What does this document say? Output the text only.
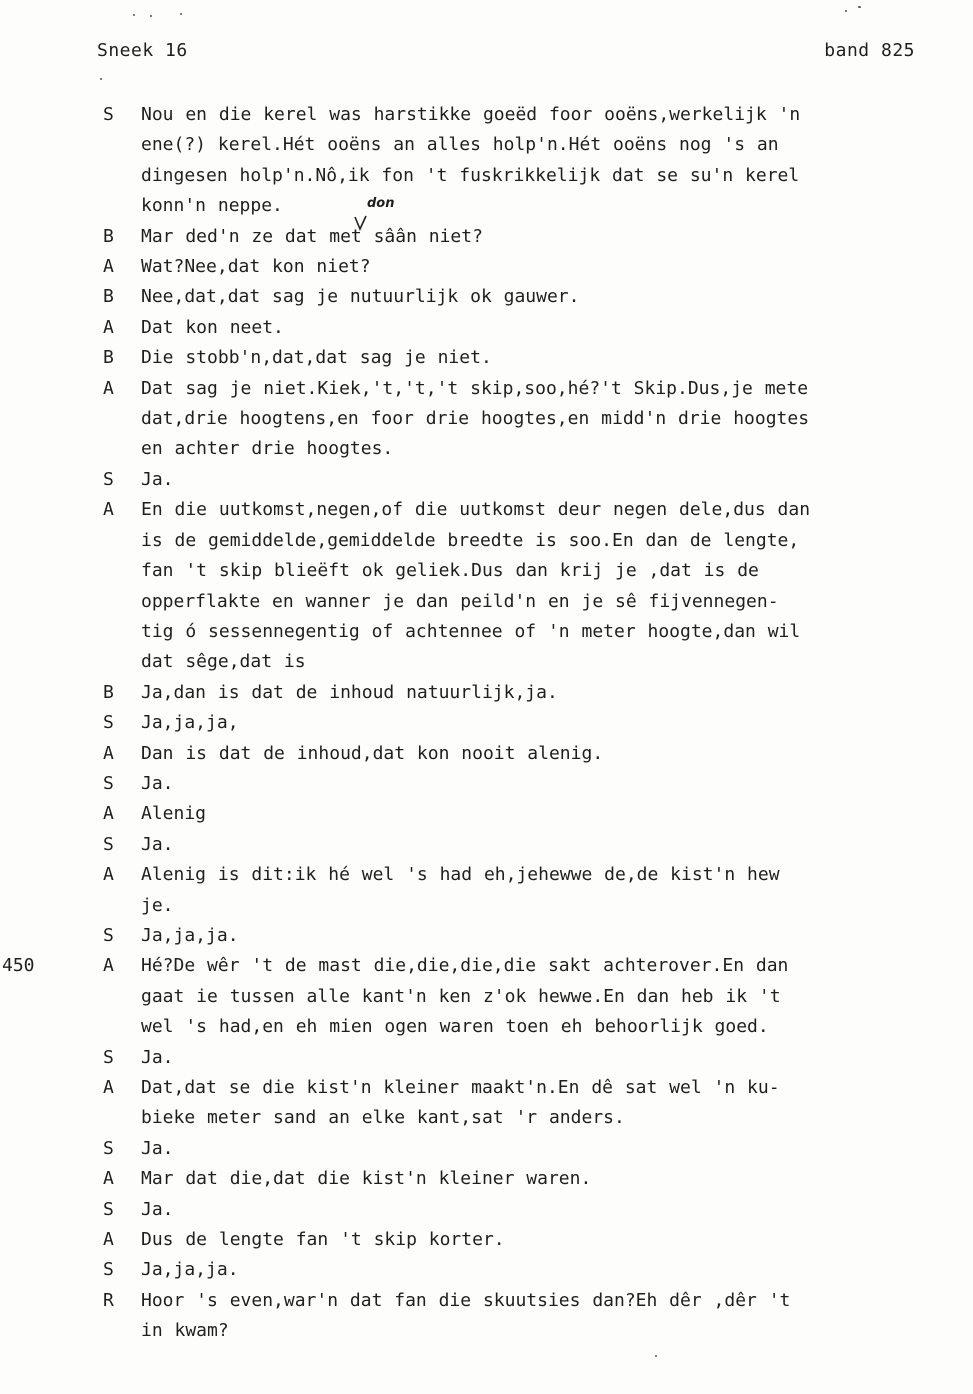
Sneek 16	band 825
don
S	Nou en die kerel was harstikke goeëd foor ooëns,werkelijk 'n
ene(?) kerel.Hét ooëns an alles holp'n.Hét ooëns nog 's an
dingesen holp'n.Nô,ik fon 't fuskrikkelijk dat se su'n kerel
konn'n neppe.
B	Mar ded'n ze dat met sâân niet?
A	Wat?Nee,dat kon niet?
B	Nee,dat,dat sag je nutuurlijk ok gauwer.
A	Dat kon neet.
B	Die stobb'n,dat,dat sag je niet.
A	Dat sag je niet.Kiek,'t,'t,'t skip,soo,hé?'t Skip.Dus,je mete
dat,drie hoogtens,en foor drie hoogtes,en midd'n drie hoogtes
en achter drie hoogtes.
S	Ja.
A	En die uutkomst,negen,of die uutkomst deur negen dele,dus dan
is de gemiddelde,gemiddelde breedte is soo.En dan de lengte,
fan 't skip blieëft ok geliek.Dus dan krij je ,dat is de
opperflakte en wanner je dan peild'n en je sê fijvennegen-
tig ó sessennegentig of achtennee of 'n meter hoogte,dan wil
dat sêge,dat is
B	Ja,dan is dat de inhoud natuurlijk,ja.
S	Ja,ja,ja,
A	Dan is dat de inhoud,dat kon nooit alenig.
S	Ja.
A	Alenig
S	Ja.
A	Alenig is dit:ik hé wel 's had eh,jehewwe de,de kist'n hew
je.
S	Ja,ja,ja.
450	A	Hé?De wêr 't de mast die,die,die,die sakt achterover.En dan
gaat ie tussen alle kant'n ken z'ok hewwe.En dan heb ik 't
wel 's had,en eh mien ogen waren toen eh behoorlijk goed.
S	Ja.
A	Dat,dat se die kist'n kleiner maakt'n.En dê sat wel 'n ku-
bieke meter sand an elke kant,sat 'r anders.
S	Ja.
A	Mar dat die,dat die kist'n kleiner waren.
S	Ja.
A	Dus de lengte fan 't skip korter.
S	Ja,ja,ja.
R	Hoor 's even,war'n dat fan die skuutsies dan?Eh dêr ,dêr 't
in kwam?
